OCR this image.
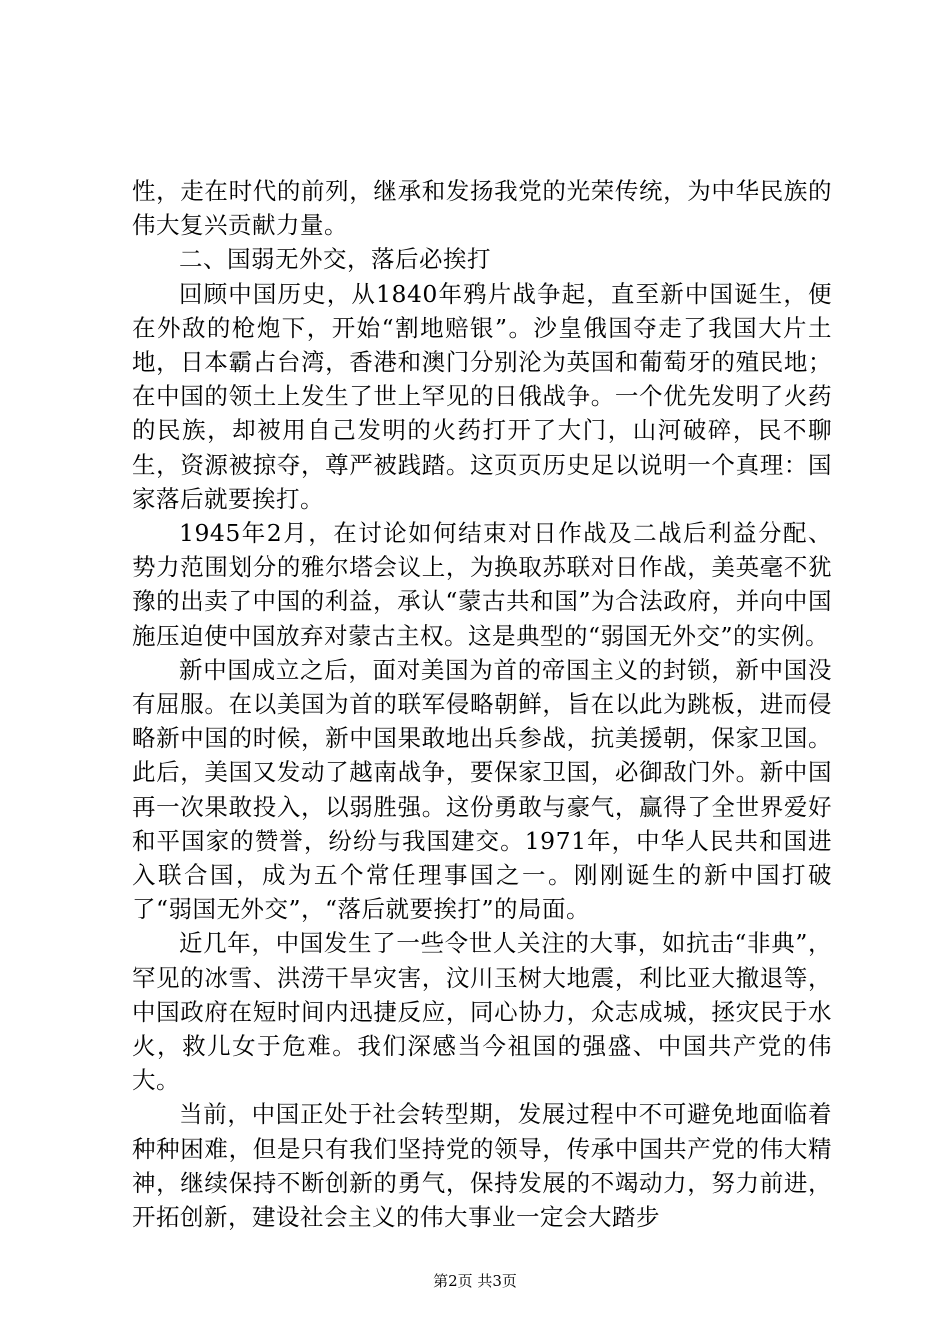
性，走在时代的前列，继承和发扬我党的光荣传统，为中华民族的伟大复兴贡献力量。

二、国弱无外交，落后必挨打

回顾中国历史，从1840年鸦片战争起，直至新中国诞生，便在外敌的枪炮下，开始“割地赔银”。沙皇俄国夺走了我国大片土地，日本霸占台湾，香港和澳门分别沦为英国和葡萄牙的殖民地；在中国的领土上发生了世上罕见的日俄战争。一个优先发明了火药的民族，却被用自己发明的火药打开了大门，山河破碎，民不聊生，资源被掠夺，尊严被践踏。这页页历史足以说明一个真理：国家落后就要挨打。

1945年2月，在讨论如何结束对日作战及二战后利益分配、势力范围划分的雅尔塔会议上，为换取苏联对日作战，美英毫不犹豫的出卖了中国的利益，承认“蒙古共和国”为合法政府，并向中国施压迫使中国放弃对蒙古主权。这是典型的“弱国无外交”的实例。

新中国成立之后，面对美国为首的帝国主义的封锁，新中国没有屈服。在以美国为首的联军侵略朝鲜，旨在以此为跳板，进而侵略新中国的时候，新中国果敢地出兵参战，抗美援朝，保家卫国。此后，美国又发动了越南战争，要保家卫国，必御敌门外。新中国再一次果敢投入，以弱胜强。这份勇敢与豪气，赢得了全世界爱好和平国家的赞誉，纷纷与我国建交。1971年，中华人民共和国进入联合国，成为五个常任理事国之一。刚刚诞生的新中国打破了“弱国无外交”，“落后就要挨打”的局面。

近几年，中国发生了一些令世人关注的大事，如抗击“非典”，罕见的冰雪、洪涝干旱灾害，汶川玉树大地震，利比亚大撤退等，中国政府在短时间内迅捷反应，同心协力，众志成城，拯灾民于水火，救儿女于危难。我们深感当今祖国的强盛、中国共产党的伟大。

当前，中国正处于社会转型期，发展过程中不可避免地面临着种种困难，但是只有我们坚持党的领导，传承中国共产党的伟大精神，继续保持不断创新的勇气，保持发展的不竭动力，努力前进，开拓创新，建设社会主义的伟大事业一定会大踏步

第2页 共3页
